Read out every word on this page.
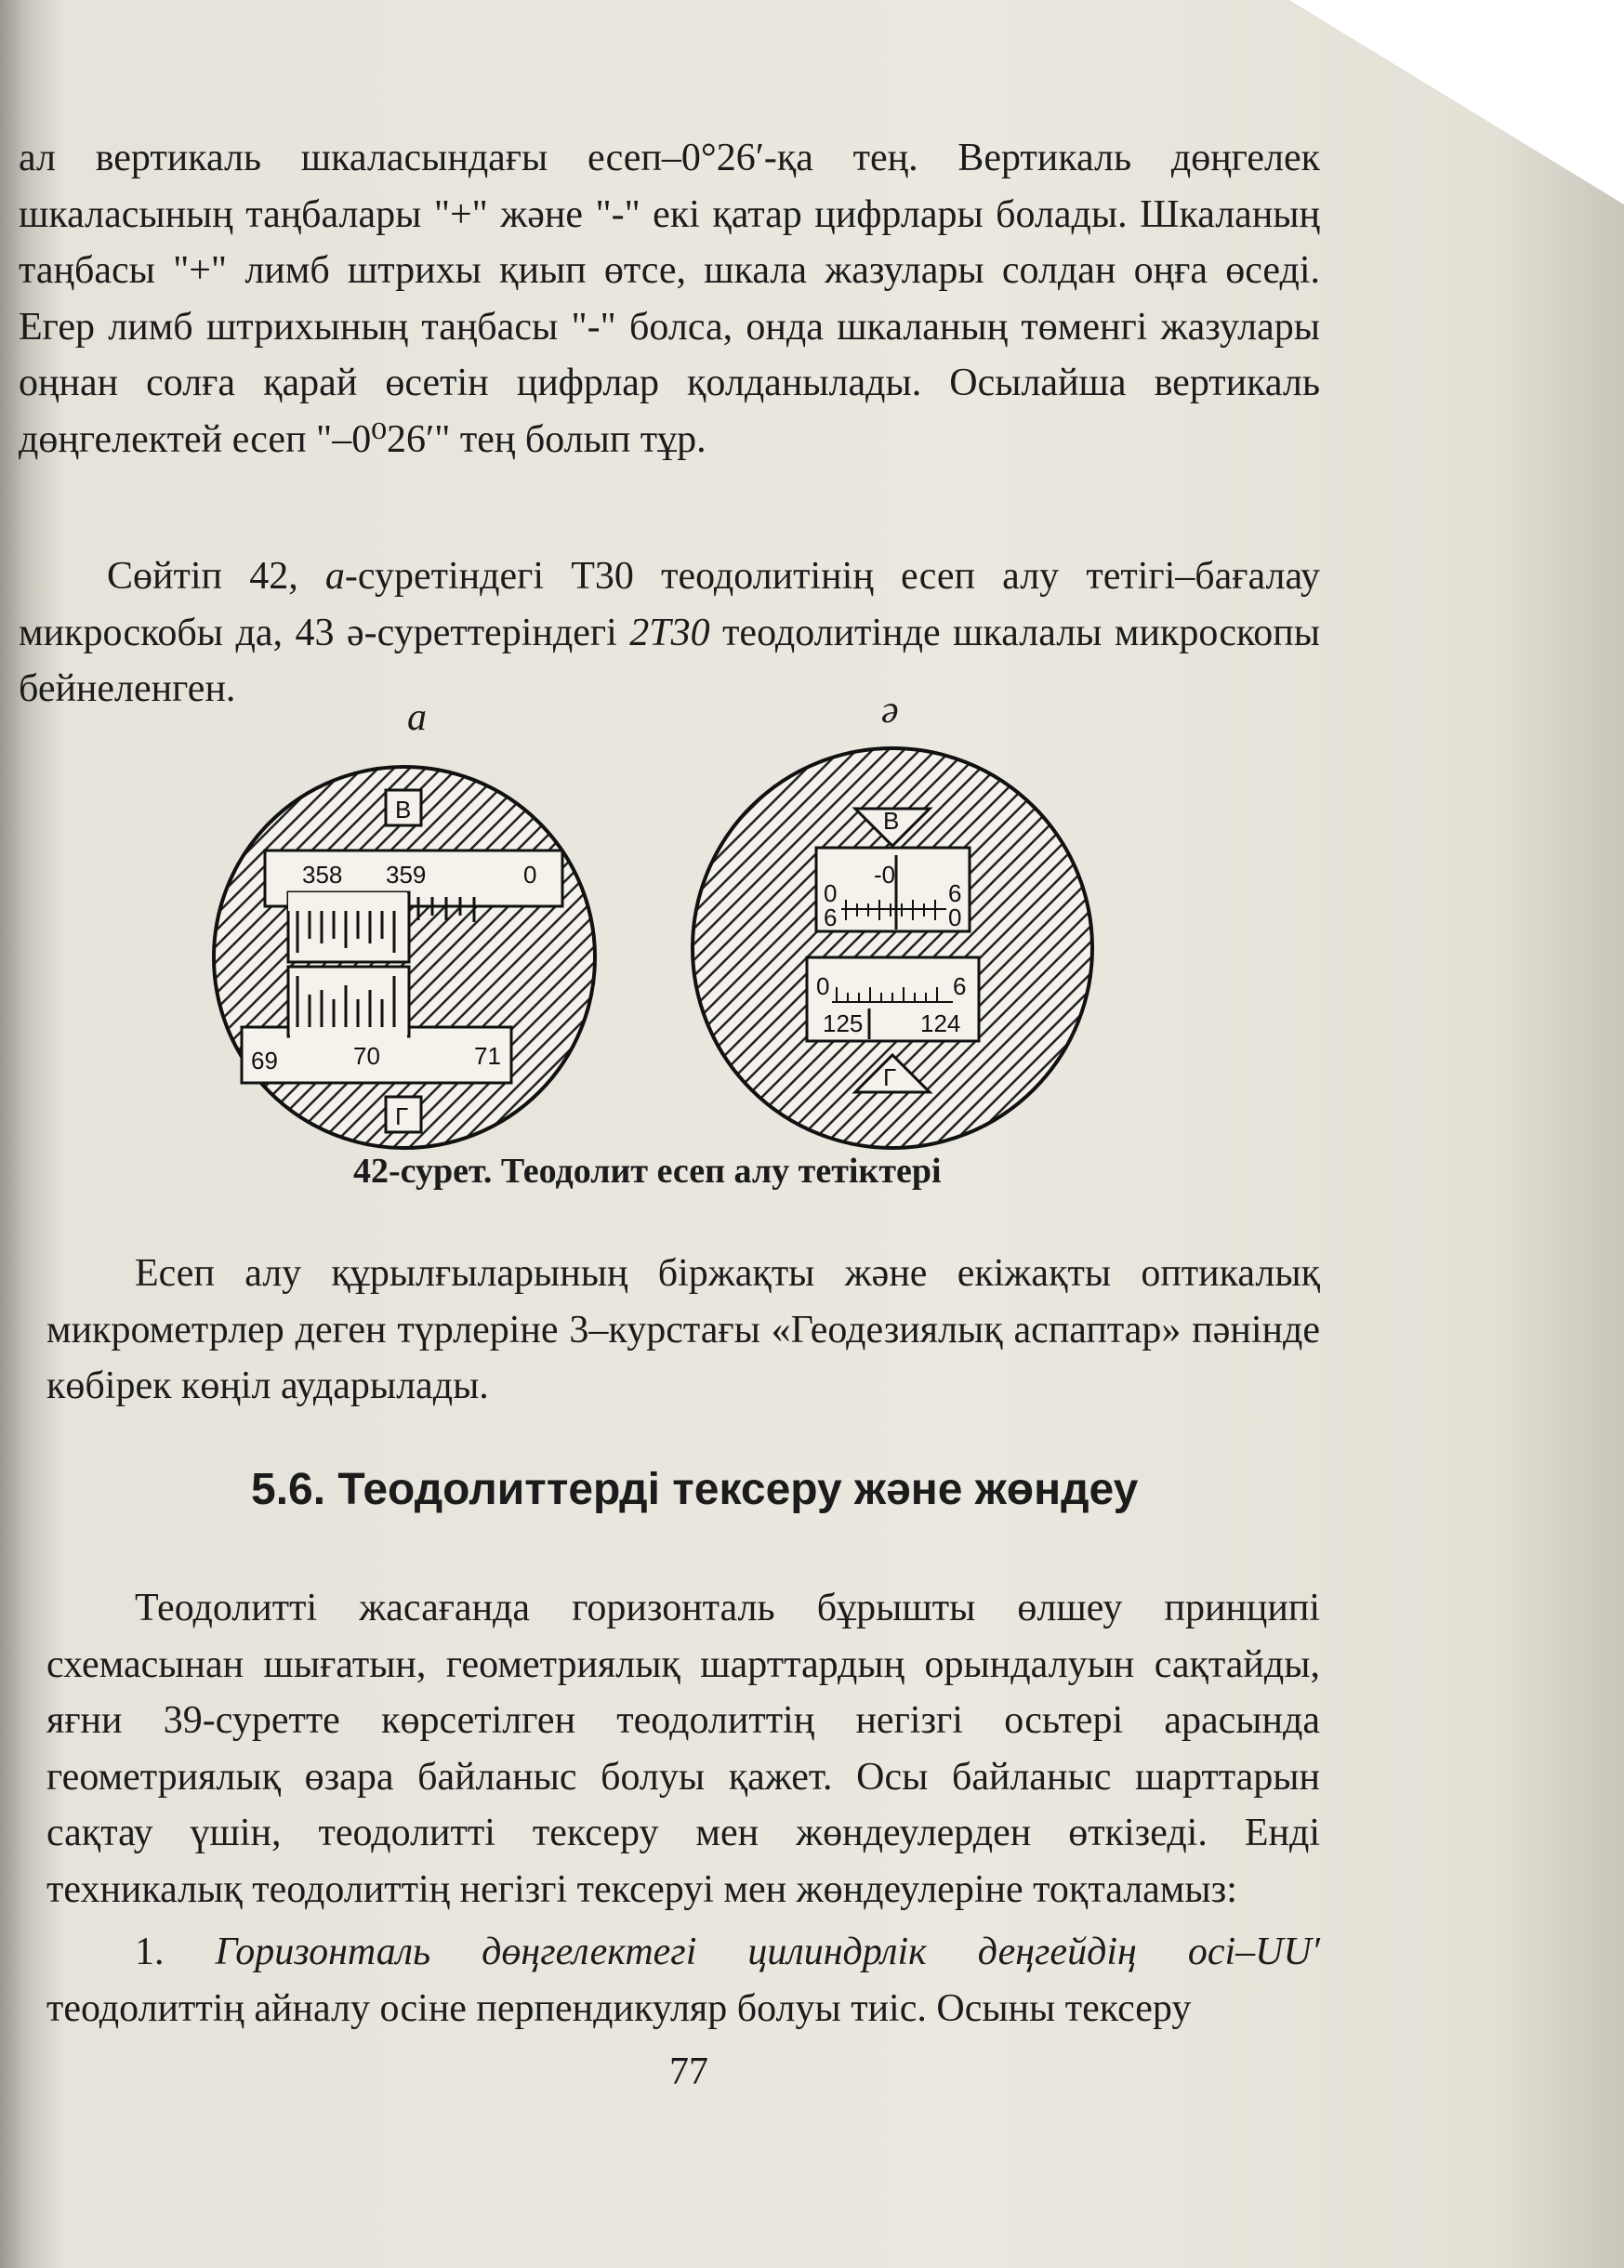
ал вертикаль шкаласындағы есеп–0°26′-қа тең. Вертикаль дөңгелек шкаласының таңбалары "+" және "-" екі қатар цифрлары болады. Шкаланың таңбасы "+" лимб штрихы қиып өтсе, шкала жазулары солдан оңға өседі. Егер лимб штрихының таңбасы "-" болса, онда шкаланың төменгі жазулары оңнан солға қарай өсетін цифрлар қолданылады. Осылайша вертикаль дөңгелектей есеп "–0⁰26′" тең болып тұр.

Сөйтіп 42, а-суретіндегі Т30 теодолитінің есеп алу тетігі–бағалау микроскобы да, 43 ә-суреттеріндегі 2Т30 теодолитінде шкалалы микроскопы бейнеленген.

а	ә
В
358 359	0
69	70	71
Г
В
-0
0
6
6
0
0	6
125 124
Г
42-сурет. Теодолит есеп алу тетіктері

Есеп алу құрылғыларының біржақты және екіжақты оптикалық микрометрлер деген түрлеріне 3–курстағы «Геодезиялық аспаптар» пәнінде көбірек көңіл аударылады.

5.6. Теодолиттерді тексеру және жөндеу

Теодолитті жасағанда горизонталь бұрышты өлшеу принципі схемасынан шығатын, геометриялық шарттардың орындалуын сақтайды, яғни 39-суретте көрсетілген теодолиттің негізгі осьтері арасында геометриялық өзара байланыс болуы қажет. Осы байланыс шарттарын сақтау үшін, теодолитті тексеру мен жөндеулерден өткізеді. Енді техникалық теодолиттің негізгі тексеруі мен жөндеулеріне тоқталамыз:

1. Горизонталь дөңгелектегі цилиндрлік деңгейдің осі–UU′ теодолиттің айналу осіне перпендикуляр болуы тиіс. Осыны тексеру

77
